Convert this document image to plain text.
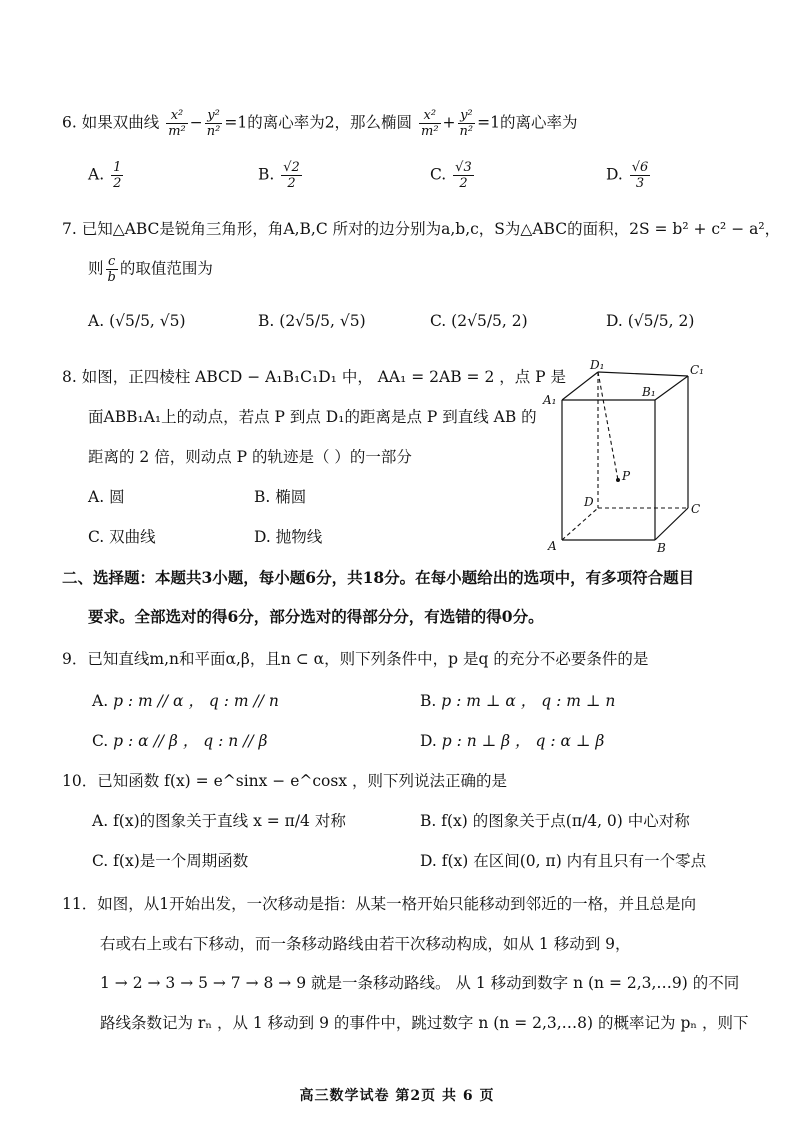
6. 如果双曲线 $\frac{\text{x²}}{\text{m²}} - \frac{\text{y²}}{\text{n²}} =1$的离心率为2，那么椭圆 $\frac{\text{x²}}{\text{m²}} + \frac{\text{y²}}{\text{n²}} =1$的离心率为
A. $\frac{1}{2}$	B. $\frac{√2}{2}$	C. $\frac{√3}{2}$	D. $\frac{√6}{3}$
7. 已知△ABC是锐角三角形，角A,B,C 所对的边分别为a,b,c，S为△ABC的面积，2S = b² + c² − a²，
则 $\frac{c}{b}$ 的取值范围为
A. (√5/5, √5)	B. (2√5/5, √5)	C. (2√5/5, 2)	D. (√5/5, 2)
8. 如图，正四棱柱 ABCD − A₁B₁C₁D₁ 中， AA₁ = 2AB = 2 ，点 P 是
面ABB₁A₁上的动点，若点 P 到点 D₁的距离是点 P 到直线 AB 的
距离的 2 倍，则动点 P 的轨迹是（ ）的一部分
A. 圆	B. 椭圆
C. 双曲线	D. 抛物线
D₁	C₁
B₁
A₁
P
D	C
A	B
二、选择题：本题共3小题，每小题6分，共18分。在每小题给出的选项中，有多项符合题目
要求。全部选对的得6分，部分选对的得部分分，有选错的得0分。
9．已知直线m,n和平面α,β，且n ⊂ α，则下列条件中，p 是q 的充分不必要条件的是
A. p : m // α ， q : m // n	B. p : m ⊥ α ， q : m ⊥ n
C. p : α // β ， q : n // β	D. p : n ⊥ β ， q : α ⊥ β
10．已知函数 f(x) = e^sinx − e^cosx ，则下列说法正确的是
A. f(x)的图象关于直线 x = π/4 对称	B. f(x) 的图象关于点(π/4, 0) 中心对称
C. f(x)是一个周期函数	D. f(x) 在区间(0, π) 内有且只有一个零点
11．如图，从1开始出发，一次移动是指：从某一格开始只能移动到邻近的一格，并且总是向
右或右上或右下移动，而一条移动路线由若干次移动构成，如从 1 移动到 9，
1 → 2 → 3 → 5 → 7 → 8 → 9 就是一条移动路线。 从 1 移动到数字 n (n = 2,3,…9) 的不同
路线条数记为 rₙ ，从 1 移动到 9 的事件中，跳过数字 n (n = 2,3,…8) 的概率记为 pₙ ，则下
高三数学试卷 第2页 共 6 页
